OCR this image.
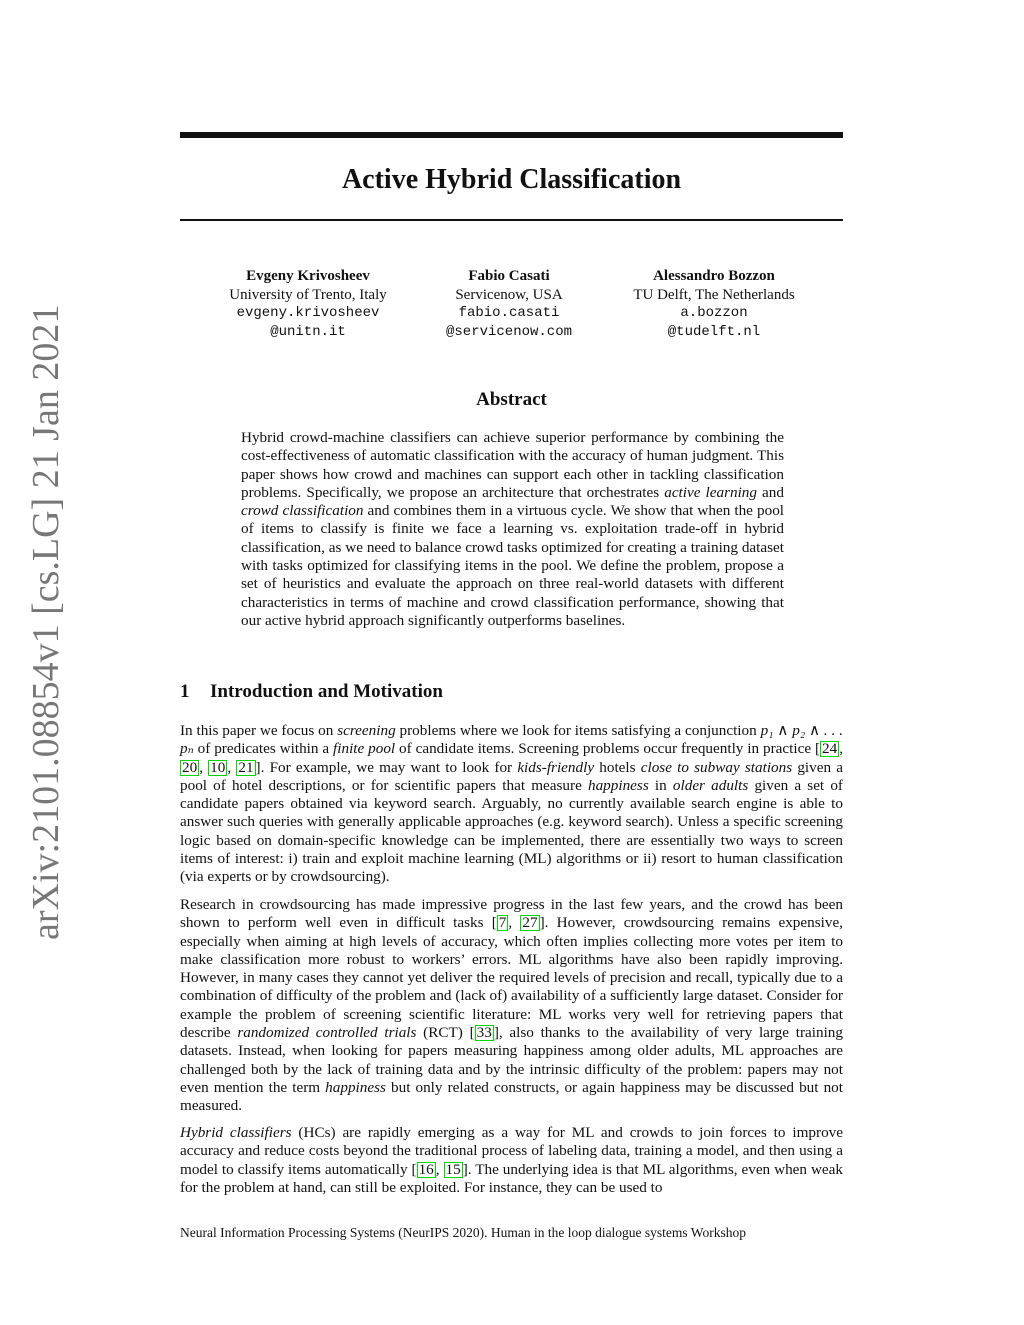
arXiv:2101.08854v1 [cs.LG] 21 Jan 2021
Active Hybrid Classification
Evgeny Krivosheev
University of Trento, Italy
evgeny.krivosheev
@unitn.it
Fabio Casati
Servicenow, USA
fabio.casati
@servicenow.com
Alessandro Bozzon
TU Delft, The Netherlands
a.bozzon
@tudelft.nl
Abstract

Hybrid crowd-machine classifiers can achieve superior performance by combining the cost-effectiveness of automatic classification with the accuracy of human judgment. This paper shows how crowd and machines can support each other in tackling classification problems. Specifically, we propose an architecture that orchestrates active learning and crowd classification and combines them in a virtuous cycle. We show that when the pool of items to classify is finite we face a learning vs. exploitation trade-off in hybrid classification, as we need to balance crowd tasks optimized for creating a training dataset with tasks optimized for classifying items in the pool. We define the problem, propose a set of heuristics and evaluate the approach on three real-world datasets with different characteristics in terms of machine and crowd classification performance, showing that our active hybrid approach significantly outperforms baselines.

1 Introduction and Motivation

In this paper we focus on screening problems where we look for items satisfying a conjunction p₁ ∧ p₂ ∧ . . . pₙ of predicates within a finite pool of candidate items. Screening problems occur frequently in practice [ 24 , 20 , 10 , 21 ]. For example, we may want to look for kids-friendly hotels close to subway stations given a pool of hotel descriptions, or for scientific papers that measure happiness in older adults given a set of candidate papers obtained via keyword search. Arguably, no currently available search engine is able to answer such queries with generally applicable approaches (e.g. keyword search). Unless a specific screening logic based on domain-specific knowledge can be implemented, there are essentially two ways to screen items of interest: i) train and exploit machine learning (ML) algorithms or ii) resort to human classification (via experts or by crowdsourcing).

Research in crowdsourcing has made impressive progress in the last few years, and the crowd has been shown to perform well even in difficult tasks [ 7 , 27 ]. However, crowdsourcing remains expensive, especially when aiming at high levels of accuracy, which often implies collecting more votes per item to make classification more robust to workers’ errors. ML algorithms have also been rapidly improving. However, in many cases they cannot yet deliver the required levels of precision and recall, typically due to a combination of difficulty of the problem and (lack of) availability of a sufficiently large dataset. Consider for example the problem of screening scientific literature: ML works very well for retrieving papers that describe randomized controlled trials (RCT) [ 33 ], also thanks to the availability of very large training datasets. Instead, when looking for papers measuring happiness among older adults, ML approaches are challenged both by the lack of training data and by the intrinsic difficulty of the problem: papers may not even mention the term happiness but only related constructs, or again happiness may be discussed but not measured.

Hybrid classifiers (HCs) are rapidly emerging as a way for ML and crowds to join forces to improve accuracy and reduce costs beyond the traditional process of labeling data, training a model, and then using a model to classify items automatically [ 16 , 15 ]. The underlying idea is that ML algorithms, even when weak for the problem at hand, can still be exploited. For instance, they can be used to

Neural Information Processing Systems (NeurIPS 2020). Human in the loop dialogue systems Workshop
